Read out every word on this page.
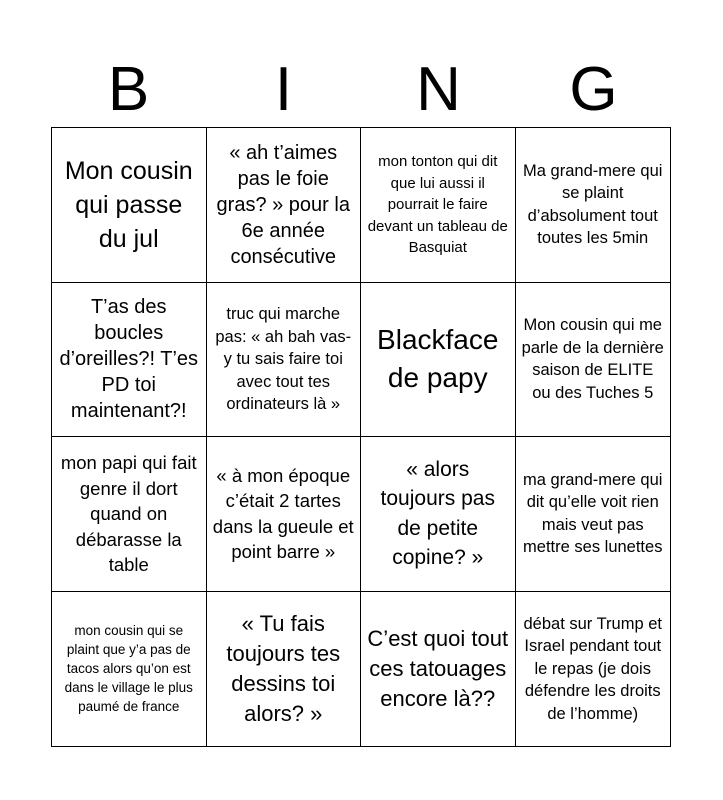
B	I	N	G
Mon cousin qui passe du jul
« ah t’aimes pas le foie gras? » pour la 6e année consécutive
mon tonton qui dit que lui aussi il pourrait le faire devant un tableau de Basquiat
Ma grand-mere qui se plaint d’absolument tout toutes les 5min
T’as des boucles d’oreilles?! T’es PD toi maintenant?!
truc qui marche pas: « ah bah vas-y tu sais faire toi avec tout tes ordinateurs là »
Blackface de papy
Mon cousin qui me parle de la dernière saison de ELITE ou des Tuches 5
mon papi qui fait genre il dort quand on débarasse la table
« à mon époque c’était 2 tartes dans la gueule et point barre »
« alors toujours pas de petite copine? »
ma grand-mere qui dit qu’elle voit rien mais veut pas mettre ses lunettes
mon cousin qui se plaint que y’a pas de tacos alors qu’on est dans le village le plus paumé de france
« Tu fais toujours tes dessins toi alors? »
C’est quoi tout ces tatouages encore là??
débat sur Trump et Israel pendant tout le repas (je dois défendre les droits de l’homme)
